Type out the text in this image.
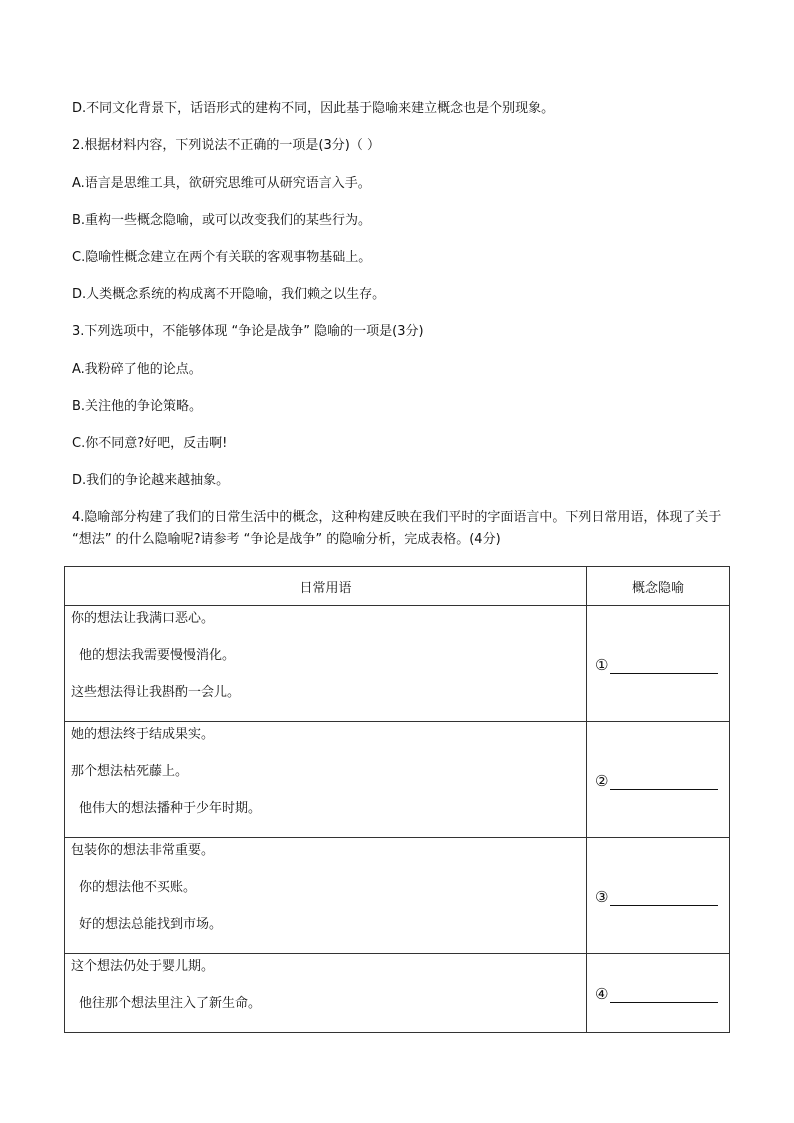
D.不同文化背景下，话语形式的建构不同，因此基于隐喻来建立概念也是个别现象。
2.根据材料内容，下列说法不正确的一项是(3分)（ ）
A.语言是思维工具，欲研究思维可从研究语言入手。
B.重构一些概念隐喻，或可以改变我们的某些行为。
C.隐喻性概念建立在两个有关联的客观事物基础上。
D.人类概念系统的构成离不开隐喻，我们赖之以生存。
3.下列选项中，不能够体现 “争论是战争” 隐喻的一项是(3分)
A.我粉碎了他的论点。
B.关注他的争论策略。
C.你不同意?好吧，反击啊!
D.我们的争论越来越抽象。
4.隐喻部分构建了我们的日常生活中的概念，这种构建反映在我们平时的字面语言中。下列日常用语，体现了关于 “想法” 的什么隐喻呢?请参考 “争论是战争” 的隐喻分析，完成表格。(4分)
日常用语	概念隐喻

你的想法让我满口恶心。
他的想法我需要慢慢消化。
这些想法得让我斟酌一会儿。	①

她的想法终于结成果实。
那个想法枯死藤上。
他伟大的想法播种于少年时期。	②

包装你的想法非常重要。
你的想法他不买账。
好的想法总能找到市场。	③

这个想法仍处于婴儿期。
他往那个想法里注入了新生命。	④
